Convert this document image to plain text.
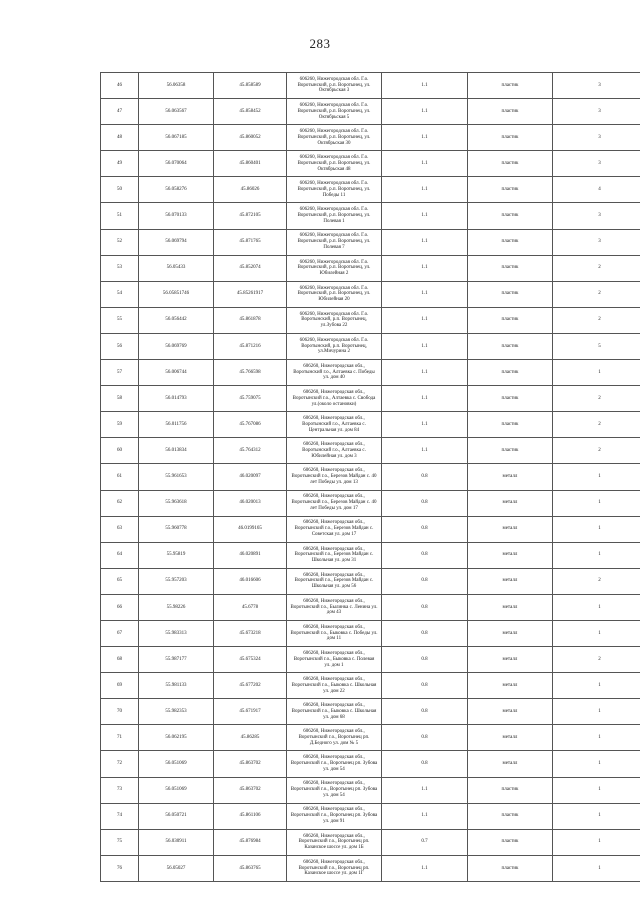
283
46	56.06358	45.858589	606260, Нижегородская обл. Г.о.
Воротынский, р.п. Воротынец, ул.
Октябрьская 3	1.1	пластик	3
47	56.063567	45.858452	606260, Нижегородская обл. Г.о.
Воротынский, р.п. Воротынец, ул.
Октябрьская 5	1.1	пластик	3
48	56.067185	45.860052	606260, Нижегородская обл. Г.о.
Воротынский, р.п. Воротынец, ул.
Октябрьская 30	1.1	пластик	3
49	56.070064	45.860401	606260, Нижегородская обл. Г.о.
Воротынский, р.п. Воротынец, ул.
Октябрьская 48	1.1	пластик	3
50	56.058276	45.86026	606260, Нижегородская обл. Г.о.
Воротынский, р.п. Воротынец, ул.
Победы 11	1.1	пластик	4
51	56.070133	45.872105	606260, Нижегородская обл. Г.о.
Воротынский, р.п. Воротынец, ул.
Полевая 1	1.1	пластик	3
52	56.069794	45.871765	606260, Нижегородская обл. Г.о.
Воротынский, р.п. Воротынец, ул.
Полевая 7	1.1	пластик	3
53	56.05433	45.852074	606260, Нижегородская обл. Г.о.
Воротынский, р.п. Воротынец, ул.
Юбилейная 2	1.1	пластик	2
54	56.05851746	45.85261917	606260, Нижегородская обл. Г.о.
Воротынский, р.п. Воротынец, ул.
Юбилейная 20	1.1	пластик	2
55	56.056442	45.861878	606260, Нижегородская обл. Г.о.
Воротынский, р.п. Воротынец,
ул.Зубова 22	1.1	пластик	2
56	56.069769	45.871216	606260, Нижегородская обл. Г.о.
Воротынский, р.п. Воротынец,
ул.Мичурина 2	1.1	пластик	5
57	56.006744	45.766598	606260, Нижегородская обл.,
Воротынский г.о., Алтаевка с. Победы
ул. дом 40	1.1	пластик	1
58	56.014793	45.759075	606260, Нижегородская обл.,
Воротынский г.о., Алтаевка с. Свобода
ул.(около остановки)	1.1	пластик	2
59	56.011756	45.767086	606260, Нижегородская обл.,
Воротынский г.о., Алтаевка с.
Центральная ул. дом 84	1.1	пластик	2
60	56.013834	45.764312	606260, Нижегородская обл.,
Воротынский г.о., Алтаевка с.
Юбилейная ул. дом 3	1.1	пластик	2
61	55.961653	46.020097	606260, Нижегородская обл.,
Воротынский г.о., Березов Майдан с. 40
лет Победы ул. дом 13	0.8	металл	1
62	55.963618	46.020013	606260, Нижегородская обл.,
Воротынский г.о., Березов Майдан с. 40
лет Победы ул. дом 17	0.8	металл	1
63	55.960778	46.0199165	606260, Нижегородская обл.,
Воротынский г.о., Березов Майдан с.
Советская ул. дом 17	0.8	металл	1
64	55.95819	46.020891	606260, Нижегородская обл.,
Воротынский г.о., Березов Майдан с.
Школьная ул. дом 31	0.8	металл	1
65	55.957203	46.016606	606260, Нижегородская обл.,
Воротынский г.о., Березов Майдан с.
Школьная ул. дом 56	0.8	металл	2
66	55.98226	45.6778	606260, Нижегородская обл.,
Воротынский г.о., Былинка с. Ленина ул.
дом 43	0.8	металл	1
67	55.983313	45.673218	606260, Нижегородская обл.,
Воротынский г.о., Быковка с. Победы ул.
дом 11	0.8	металл	1
68	55.987177	45.675324	606260, Нижегородская обл.,
Воротынский г.о., Быковка с. Полевая
ул. дом 1	0.8	металл	2
69	55.981133	45.677202	606260, Нижегородская обл.,
Воротынский г.о., Быковка с. Школьная
ул. дом 22	0.8	металл	1
70	55.982353	45.671917	606260, Нижегородская обл.,
Воротынский г.о., Быковка с. Школьная
ул. дом 68	0.8	металл	1
71	56.062195	45.86285	606260, Нижегородская обл.,
Воротынский г.о., Воротынец рп.
Д.Бедного ул. дом № 5	0.8	металл	1
72	56.051069	45.863702	606260, Нижегородская обл.,
Воротынский г.о., Воротынец рп. Зубова
ул. дом 54	0.8	металл	1
73	56.051069	45.863702	606260, Нижегородская обл.,
Воротынский г.о., Воротынец рп. Зубова
ул. дом 54	1.1	пластик	1
74	56.050721	45.861106	606260, Нижегородская обл.,
Воротынский г.о., Воротынец рп. Зубова
ул. дом 91	1.1	пластик	1
75	56.030911	45.876984	606260, Нижегородская обл.,
Воротынский г.о., Воротынец рп.
Казанское шоссе ул. дом 1Б	0.7	пластик	1
76	56.05027	45.863765	606260, Нижегородская обл.,
Воротынский г.о., Воротынец рп.
Казанское шоссе ул. дом 1Г	1.1	пластик	1
